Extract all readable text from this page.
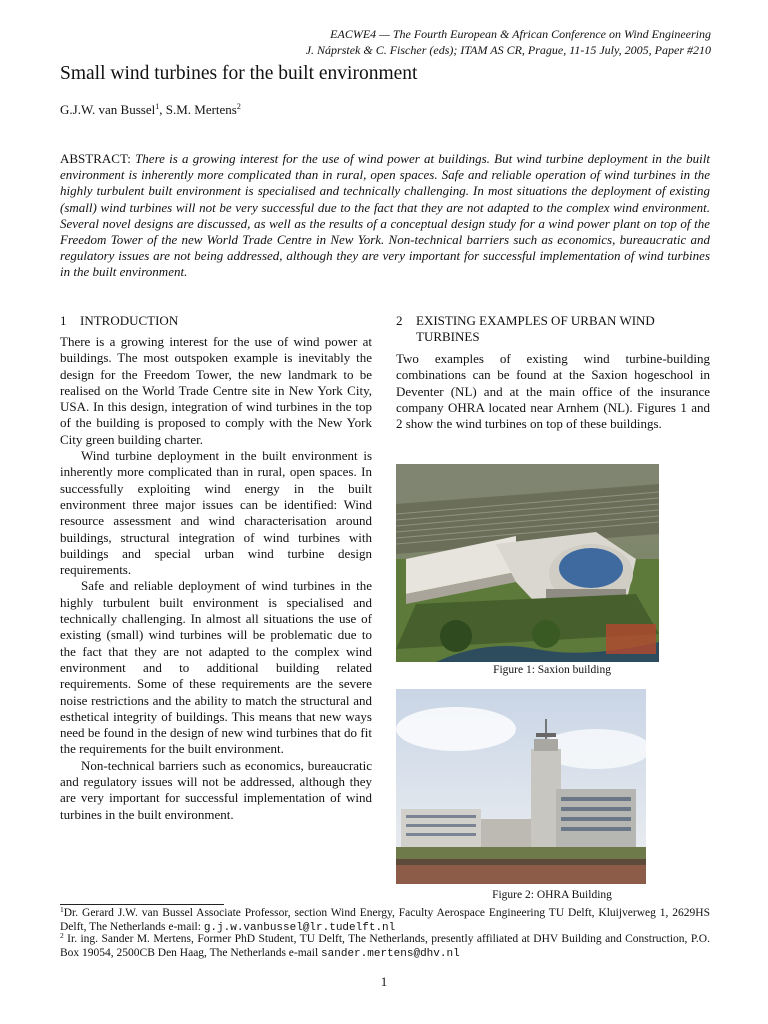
EACWE4 — The Fourth European & African Conference on Wind Engineering
J. Náprstek & C. Fischer (eds); ITAM AS CR, Prague, 11-15 July, 2005, Paper #210
Small wind turbines for the built environment
G.J.W. van Bussel$^1$, S.M. Mertens$^2$
ABSTRACT: There is a growing interest for the use of wind power at buildings. But wind turbine deployment in the built environment is inherently more complicated than in rural, open spaces. Safe and reliable operation of wind turbines in the highly turbulent built environment is specialised and technically challenging. In most situations the deployment of existing (small) wind turbines will not be very successful due to the fact that they are not adapted to the complex wind environment. Several novel designs are discussed, as well as the results of a conceptual design study for a wind power plant on top of the Freedom Tower of the new World Trade Centre in New York. Non-technical barriers such as economics, bureaucratic and regulatory issues are not being addressed, although they are very important for successful implementation of wind turbines in the built environment.
1 INTRODUCTION	2	EXISTING EXAMPLES OF URBAN WIND TURBINES

There is a growing interest for the use of wind power at buildings. The most outspoken example is inevitably the design for the Freedom Tower, the new landmark to be realised on the World Trade Centre site in New York City, USA. In this design, integration of wind turbines in the top of the building is proposed to comply with the New York City green building charter.

Wind turbine deployment in the built environment is inherently more complicated than in rural, open spaces. In successfully exploiting wind energy in the built environment three major issues can be identified: Wind resource assessment and wind characterisation around buildings, structural integration of wind turbines with buildings and special urban wind turbine design requirements.

Safe and reliable deployment of wind turbines in the highly turbulent built environment is specialised and technically challenging. In almost all situations the use of existing (small) wind turbines will be problematic due to the fact that they are not adapted to the complex wind environment and to additional building related requirements. Some of these requirements are the severe noise restrictions and the ability to match the structural and esthetical integrity of buildings. This means that new ways need be found in the design of new wind turbines that do fit the requirements for the built environment.

Non-technical barriers such as economics, bureaucratic and regulatory issues will not be addressed, although they are very important for successful implementation of wind turbines in the built environment.

Two examples of existing wind turbine-building combinations can be found at the Saxion hogeschool in Deventer (NL) and at the main office of the insurance company OHRA located near Arnhem (NL). Figures 1 and 2 show the wind turbines on top of these buildings.

Figure 1: Saxion building
Figure 2: OHRA Building
$^1$Dr. Gerard J.W. van Bussel Associate Professor, section Wind Energy, Faculty Aerospace Engineering TU Delft, Kluijverweg 1, 2629HS Delft, The Netherlands e-mail: g.j.w.vanbussel@lr.tudelft.nl
$^2$ Ir. ing. Sander M. Mertens, Former PhD Student, TU Delft, The Netherlands, presently affiliated at DHV Building and Construction, P.O. Box 19054, 2500CB Den Haag, The Netherlands e-mail sander.mertens@dhv.nl
1
